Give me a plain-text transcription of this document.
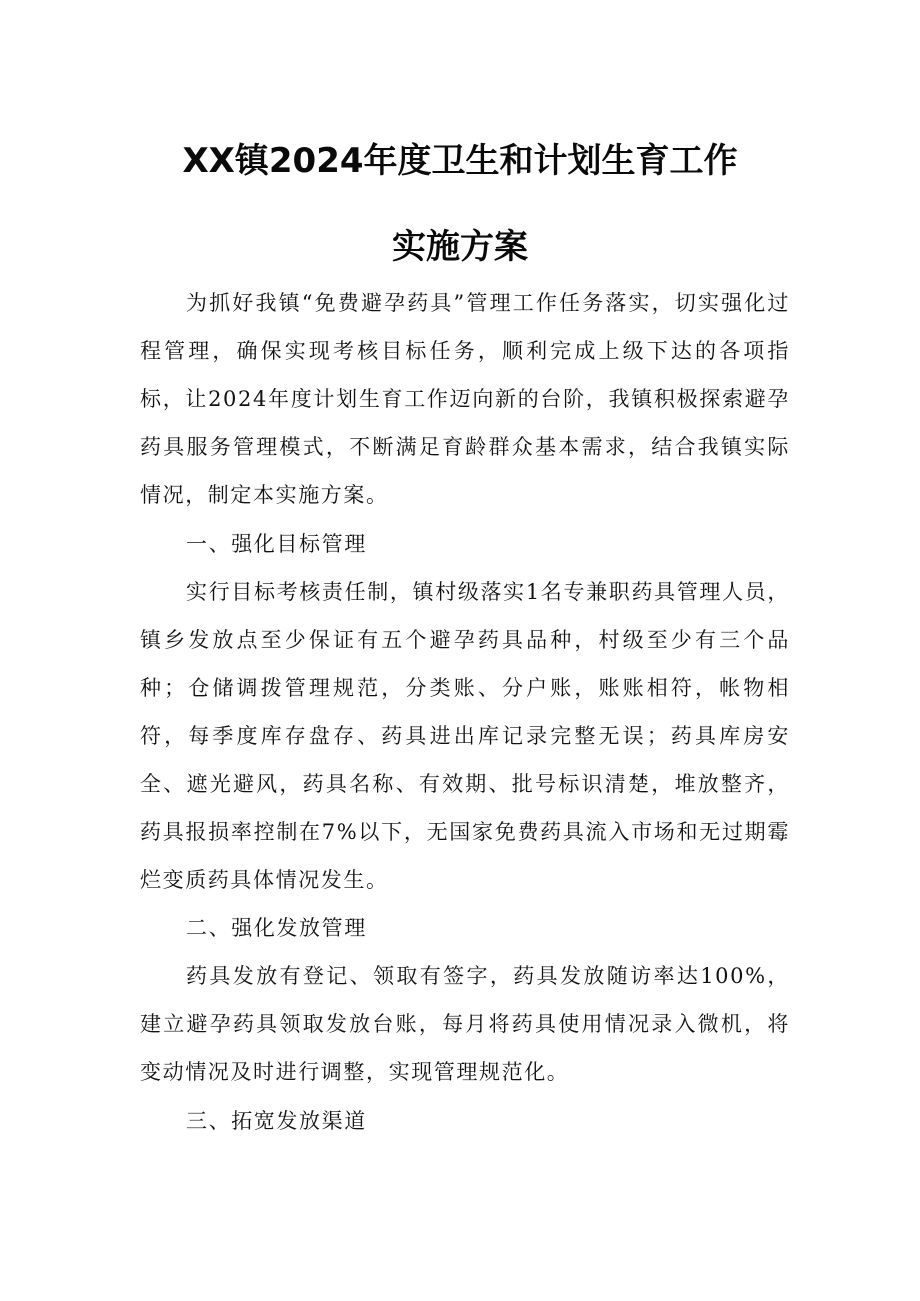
XX镇2024年度卫生和计划生育工作
实施方案

为抓好我镇“免费避孕药具”管理工作任务落实，切实强化过程管理，确保实现考核目标任务，顺利完成上级下达的各项指标，让2024年度计划生育工作迈向新的台阶，我镇积极探索避孕药具服务管理模式，不断满足育龄群众基本需求，结合我镇实际情况，制定本实施方案。

一、强化目标管理

实行目标考核责任制，镇村级落实1名专兼职药具管理人员，镇乡发放点至少保证有五个避孕药具品种，村级至少有三个品种；仓储调拨管理规范，分类账、分户账，账账相符，帐物相符，每季度库存盘存、药具进出库记录完整无误；药具库房安全、遮光避风，药具名称、有效期、批号标识清楚，堆放整齐，药具报损率控制在7%以下，无国家免费药具流入市场和无过期霉烂变质药具体情况发生。

二、强化发放管理

药具发放有登记、领取有签字，药具发放随访率达100%，建立避孕药具领取发放台账，每月将药具使用情况录入微机，将变动情况及时进行调整，实现管理规范化。

三、拓宽发放渠道
